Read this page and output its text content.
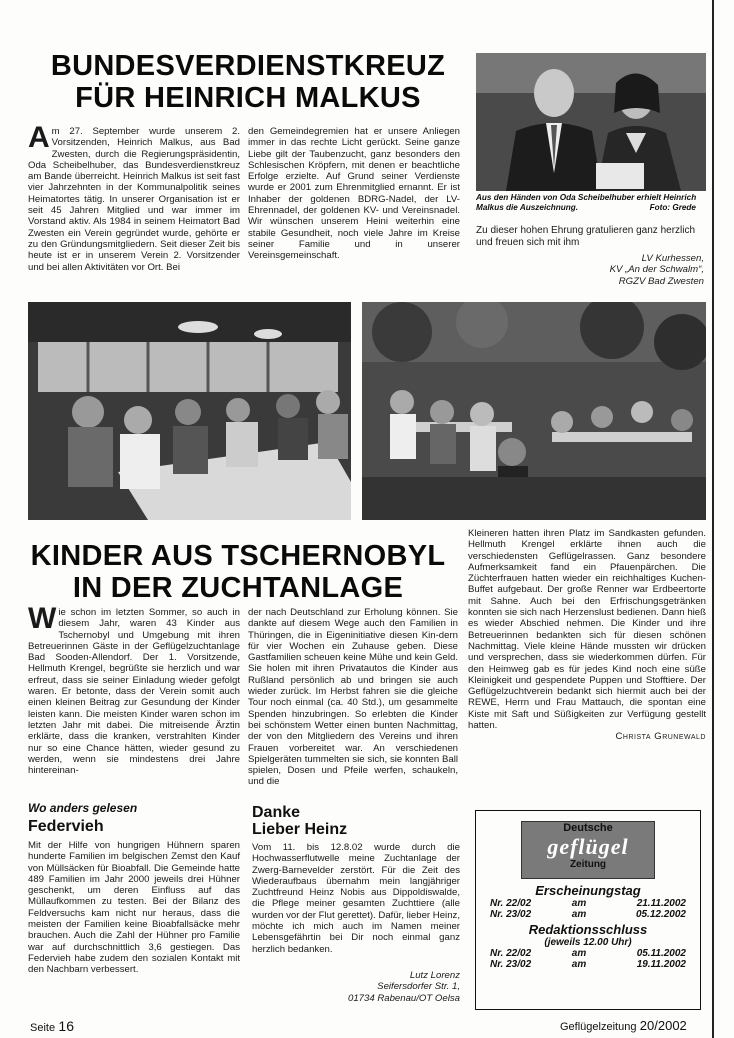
BUNDESVERDIENSTKREUZ
FÜR HEINRICH MALKUS

Am 27. September wurde unserem 2. Vorsitzenden, Heinrich Malkus, aus Bad Zwesten, durch die Regierungspräsidentin, Oda Scheibelhuber, das Bundesverdienstkreuz am Bande überreicht. Heinrich Malkus ist seit fast vier Jahrzehnten in der Kommunalpolitik seines Heimatortes tätig. In unserer Organisation ist er seit 45 Jahren Mitglied und war immer im Vorstand aktiv. Als 1984 in seinem Heimatort Bad Zwesten ein Verein gegründet wurde, gehörte er zu den Gründungsmitgliedern. Seit dieser Zeit bis heute ist er in unserem Verein 2. Vorsitzender und bei allen Aktivitäten vor Ort. Bei

den Gemeindegremien hat er unsere Anliegen immer in das rechte Licht gerückt. Seine ganze Liebe gilt der Taubenzucht, ganz besonders den Schlesischen Kröpfern, mit denen er beachtliche Erfolge erzielte. Auf Grund seiner Verdienste wurde er 2001 zum Ehrenmitglied ernannt. Er ist Inhaber der goldenen BDRG-Nadel, der LV-Ehrennadel, der goldenen KV- und Vereinsnadel. Wir wünschen unserem Heini weiterhin eine stabile Gesundheit, noch viele Jahre im Kreise seiner Familie und in unserer Vereinsgemeinschaft.

Aus den Händen von Oda Scheibelhuber erhielt Heinrich Malkus die Auszeichnung.	Foto: Grede

Zu dieser hohen Ehrung gratulieren ganz herzlich und freuen sich mit ihm

LV Kurhessen,
KV „An der Schwalm“,
RGZV Bad Zwesten
KINDER AUS TSCHERNOBYL
IN DER ZUCHTANLAGE

Wie schon im letzten Sommer, so auch in diesem Jahr, waren 43 Kinder aus Tschernobyl und Umgebung mit ihren Betreuerinnen Gäste in der Geflügelzuchtanlage Bad Sooden-Allendorf. Der 1. Vorsitzende, Hellmuth Krengel, begrüßte sie herzlich und war erfreut, dass sie seiner Einladung wieder gefolgt waren. Er betonte, dass der Verein somit auch einen kleinen Beitrag zur Gesundung der Kinder leisten kann. Die meisten Kinder waren schon im letzten Jahr mit dabei. Die mitreisende Ärztin erklärte, dass die kranken, verstrahlten Kinder nur so eine Chance hätten, wieder gesund zu werden, wenn sie mindestens drei Jahre hintereinan-

der nach Deutschland zur Erholung können. Sie dankte auf diesem Wege auch den Familien in Thüringen, die in Eigeninitiative diesen Kin-dern für vier Wochen ein Zuhause geben. Diese Gastfamilien scheuen keine Mühe und kein Geld. Sie holen mit ihren Privatautos die Kinder aus Rußland persönlich ab und bringen sie auch wieder zurück. Im Herbst fahren sie die gleiche Tour noch einmal (ca. 40 Std.), um gesammelte Spenden hinzubringen. So erlebten die Kinder bei schönstem Wetter einen bunten Nachmittag, der von den Mitgliedern des Vereins und ihren Frauen vorbereitet war. An verschiedenen Spielgeräten tummelten sie sich, sie konnten Ball spielen, Dosen und Pfeile werfen, schaukeln, und die

Kleineren hatten ihren Platz im Sandkasten gefunden. Hellmuth Krengel erklärte ihnen auch die verschiedensten Geflügelrassen. Ganz besondere Aufmerksamkeit fand ein Pfauenpärchen. Die Züchterfrauen hatten wieder ein reichhaltiges Kuchen-Buffet aufgebaut. Der große Renner war Erdbeertorte mit Sahne. Auch bei den Erfrischungsgetränken konnten sie sich nach Herzenslust bedienen. Dann hieß es wieder Abschied nehmen. Die Kinder und ihre Betreuerinnen bedankten sich für diesen schönen Nachmittag. Viele kleine Hände mussten wir drücken und versprechen, dass sie wiederkommen dürfen. Für den Heimweg gab es für jedes Kind noch eine süße Kleinigkeit und gespendete Puppen und Stofftiere. Der Geflügelzuchtverein bedankt sich hiermit auch bei der REWE, Herrn und Frau Mattauch, die spontan eine Kiste mit Saft und Süßigkeiten zur Verfügung gestellt hatten.

Christa Grunewald
Wo anders gelesen
Federvieh
Mit der Hilfe von hungrigen Hühnern sparen hunderte Familien im belgischen Zemst den Kauf von Müllsäcken für Bioabfall. Die Gemeinde hatte 489 Familien im Jahr 2000 jeweils drei Hühner geschenkt, um deren Einfluss auf das Müllaufkommen zu testen. Bei der Bilanz des Feldversuchs kam nicht nur heraus, dass die meisten der Familien keine Bioabfallsäcke mehr brauchen. Auch die Zahl der Hühner pro Familie war auf durchschnittlich 3,6 gestiegen. Das Federvieh habe zudem den sozialen Kontakt mit den Nachbarn verbessert.
Danke
Lieber Heinz
Vom 11. bis 12.8.02 wurde durch die Hochwasserflutwelle meine Zuchtanlage der Zwerg-Barnevelder zerstört. Für die Zeit des Wiederaufbaus übernahm mein langjähriger Zuchtfreund Heinz Nobis aus Dippoldiswalde, die Pflege meiner gesamten Zuchttiere (alle wurden vor der Flut gerettet). Dafür, lieber Heinz, möchte ich mich auch im Namen meiner Lebensgefährtin bei Dir noch einmal ganz herzlich bedanken.
Lutz Lorenz
Seifersdorfer Str. 1,
01734 Rabenau/OT Oelsa
Deutsche
geflügel
Zeitung
Erscheinungstag
Nr. 22/02	am	21.11.2002
Nr. 23/02	am	05.12.2002
Redaktionsschluss
(jeweils 12.00 Uhr)
Nr. 22/02	am	05.11.2002
Nr. 23/02	am	19.11.2002
Seite 16	Geflügelzeitung 20/2002
